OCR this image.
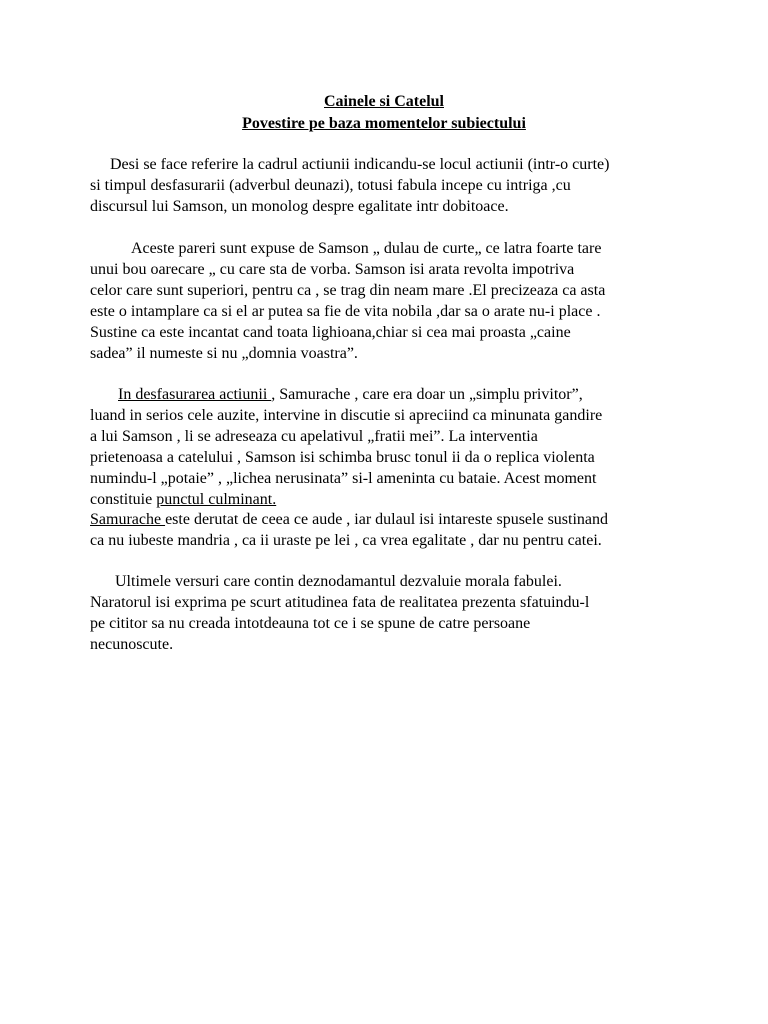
Cainele si Catelul
Povestire pe baza momentelor subiectului
Desi se face referire la cadrul actiunii indicandu-se locul actiunii (intr-o curte)
si timpul desfasurarii (adverbul deunazi), totusi fabula incepe cu intriga ,cu
discursul lui Samson, un monolog despre egalitate intr dobitoace.
Aceste pareri sunt expuse de Samson „ dulau de curte„ ce latra foarte tare
unui bou oarecare „ cu care sta de vorba. Samson isi arata revolta impotriva
celor care sunt superiori, pentru ca , se trag din neam mare .El precizeaza ca asta
este o intamplare ca si el ar putea sa fie de vita nobila ,dar sa o arate nu-i place .
Sustine ca este incantat cand toata lighioana,chiar si cea mai proasta „caine
sadea” il numeste si nu „domnia voastra”.
In desfasurarea actiunii , Samurache , care era doar un „simplu privitor”,
luand in serios cele auzite, intervine in discutie si apreciind ca minunata gandire
a lui Samson , li se adreseaza cu apelativul „fratii mei”. La interventia
prietenoasa a catelului , Samson isi schimba brusc tonul ii da o replica violenta
numindu-l „potaie” , „lichea nerusinata” si-l ameninta cu bataie. Acest moment
constituie punctul culminant.
Samurache este derutat de ceea ce aude , iar dulaul isi intareste spusele sustinand
ca nu iubeste mandria , ca ii uraste pe lei , ca vrea egalitate , dar nu pentru catei.
Ultimele versuri care contin deznodamantul dezvaluie morala fabulei.
Naratorul isi exprima pe scurt atitudinea fata de realitatea prezenta sfatuindu-l
pe cititor sa nu creada intotdeauna tot ce i se spune de catre persoane
necunoscute.
